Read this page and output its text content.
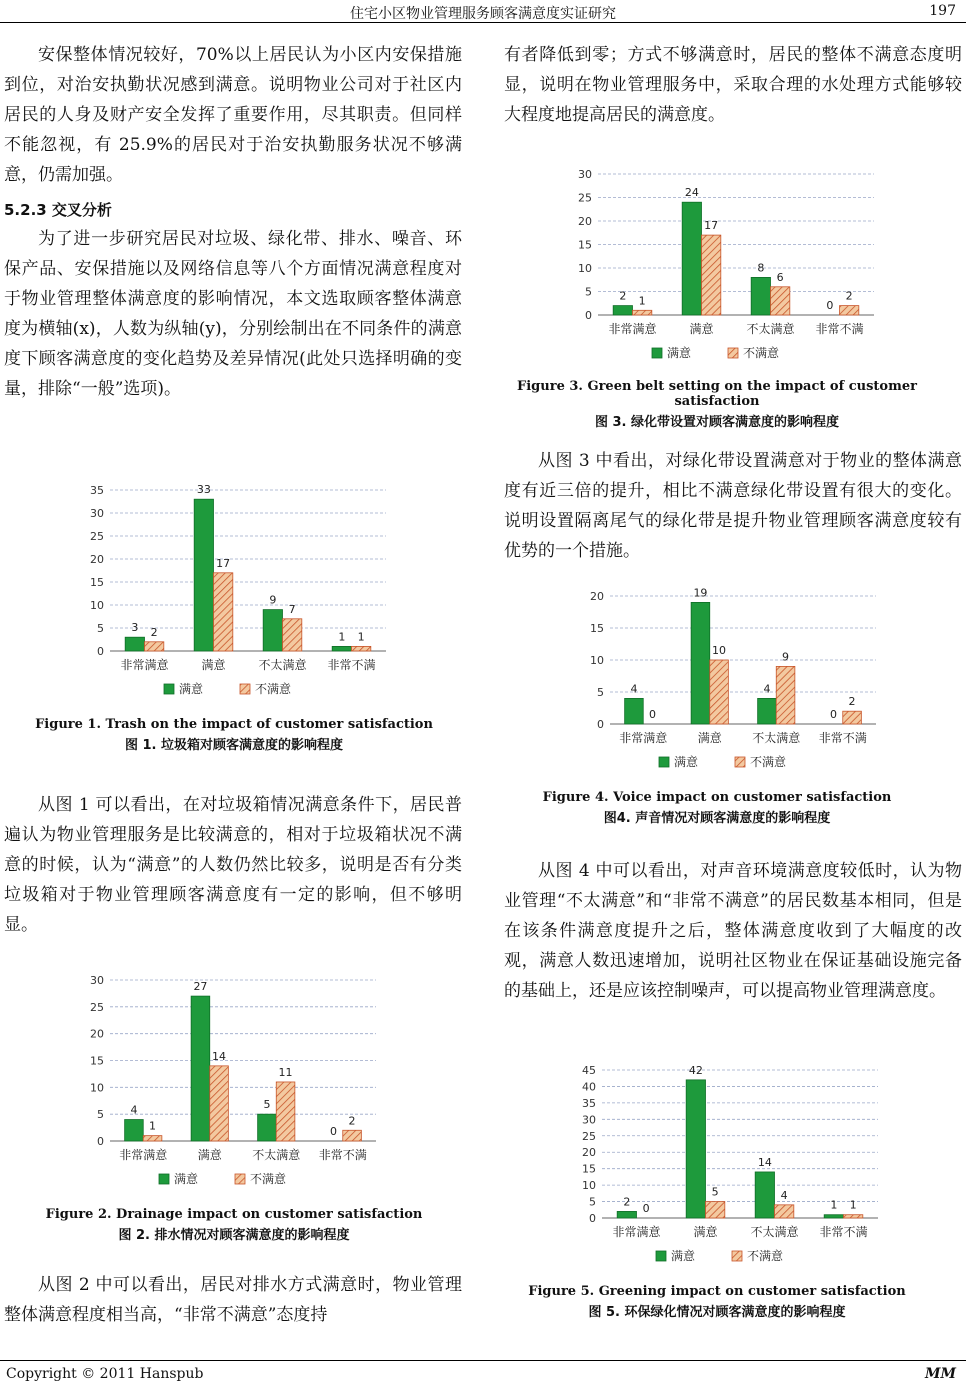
住宅小区物业管理服务顾客满意度实证研究	197

安保整体情况较好，70%以上居民认为小区内安保措施到位，对治安执勤状况感到满意。说明物业公司对于社区内居民的人身及财产安全发挥了重要作用，尽其职责。但同样不能忽视，有 25.9%的居民对于治安执勤服务状况不够满意，仍需加强。

5.2.3 交叉分析

为了进一步研究居民对垃圾、绿化带、排水、噪音、环保产品、安保措施以及网络信息等八个方面情况满意程度对于物业管理整体满意度的影响情况，本文选取顾客整体满意度为横轴(x)，人数为纵轴(y)，分别绘制出在不同条件的满意度下顾客满意度的变化趋势及差异情况(此处只选择明确的变量，排除“一般”选项)。

从图 1 可以看出，在对垃圾箱情况满意条件下，居民普遍认为物业管理服务是比较满意的，相对于垃圾箱状况不满意的时候，认为“满意”的人数仍然比较多，说明是否有分类垃圾箱对于物业管理顾客满意度有一定的影响，但不够明显。

从图 2 中可以看出，居民对排水方式满意时，物业管理整体满意程度相当高，“非常不满意”态度持

有者降低到零；方式不够满意时，居民的整体不满意态度明显，说明在物业管理服务中，采取合理的水处理方式能够较大程度地提高居民的满意度。

从图 3 中看出，对绿化带设置满意对于物业的整体满意度有近三倍的提升，相比不满意绿化带设置有很大的变化。说明设置隔离尾气的绿化带是提升物业管理顾客满意度较有优势的一个措施。

从图 4 中可以看出，对声音环境满意度较低时，认为物业管理“不太满意”和“非常不满意”的居民数基本相同，但是在该条件满意度提升之后，整体满意度收到了大幅度的改观，满意人数迅速增加，说明社区物业在保证基础设施完备的基础上，还是应该控制噪声，可以提高物业管理满意度。

0
5
10
15
20
25
30
35
非常满意
3 2
满意
33
17
不太满意
9
7
非常不满
1 1
满意	不满意
Figure 1. Trash on the impact of customer satisfaction
图 1. 垃圾箱对顾客满意度的影响程度
0
5
10
15
20
25
30
非常满意
4
1
满意
27
14
不太满意
5
11
非常不满
0
2
满意	不满意
Figure 2. Drainage impact on customer satisfaction
图 2. 排水情况对顾客满意度的影响程度
0
5
10
15
20
25
30
非常满意
2 1
满意
24
17
不太满意
8
6
非常不满
0
2
满意	不满意
Figure 3. Green belt setting on the impact of customer satisfaction
图 3. 绿化带设置对顾客满意度的影响程度
0
5
10
15
20
非常满意
4
0
满意
19
10
不太满意
4
9
非常不满
0
2
满意	不满意
Figure 4. Voice impact on customer satisfaction
图4. 声音情况对顾客满意度的影响程度
0
5
10
15
20
25
30
35
40
45
非常满意
2
0
满意
42
5
不太满意
14
4
非常不满
1 1
满意	不满意
Figure 5. Greening impact on customer satisfaction
图 5. 环保绿化情况对顾客满意度的影响程度
Copyright © 2011 Hanspub	MM
